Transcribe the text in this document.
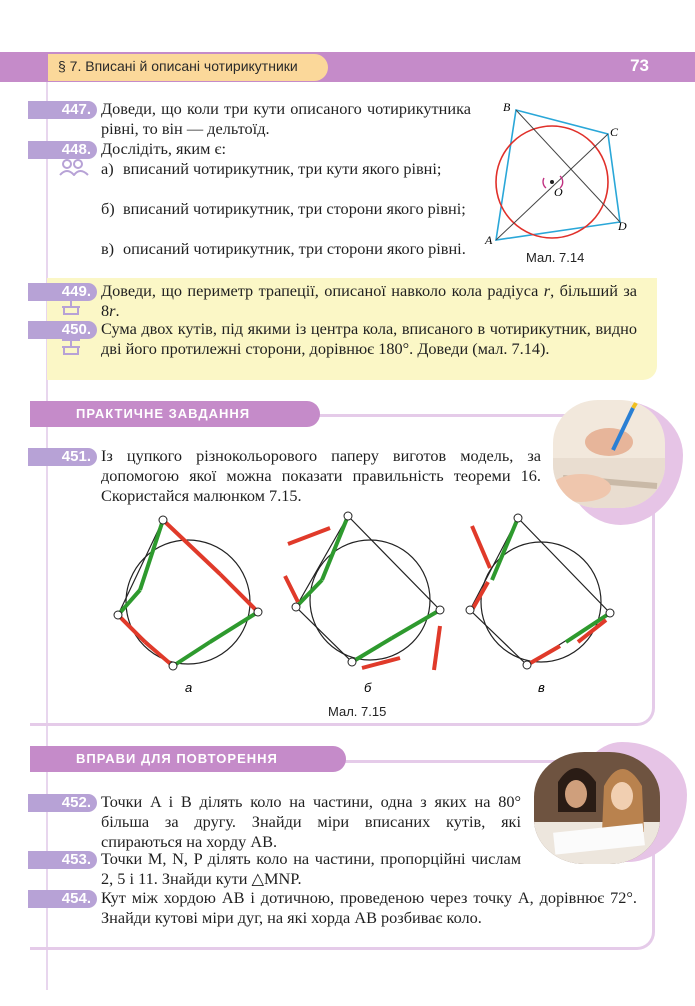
§ 7. Вписані й описані чотирикутники	73
447. Доведи, що коли три кути описаного чотирикутника рівні, то він — дельтоїд.
448. Дослідіть, яким є:
а) вписаний чотирикутник, три кути якого рівні;
б) вписаний чотирикутник, три сторони якого рівні;
в) описаний чотирикутник, три сторони якого рівні.
B
C
O
A
D
Мал. 7.14
449. Доведи, що периметр трапеції, описаної навколо кола радіуса r, більший за 8r.
450. Сума двох кутів, під якими із центра кола, вписаного в чотирикутник, видно дві його протилежні сторони, дорівнює 180°. Доведи (мал. 7.14).
ПРАКТИЧНЕ ЗАВДАННЯ
451. Із цупкого різнокольорового паперу виготов модель, за допомогою якої можна показати правильність теореми 16. Скористайся малюнком 7.15.
а	б	в
Мал. 7.15
ВПРАВИ ДЛЯ ПОВТОРЕННЯ
452. Точки A і B ділять коло на частини, одна з яких на 80° більша за другу. Знайди міри вписаних кутів, які спираються на хорду AB.
453. Точки M, N, P ділять коло на частини, пропорційні числам 2, 5 і 11. Знайди кути △MNP.
454. Кут між хордою AB і дотичною, проведеною через точку A, дорівнює 72°. Знайди кутові міри дуг, на які хорда AB розбиває коло.
